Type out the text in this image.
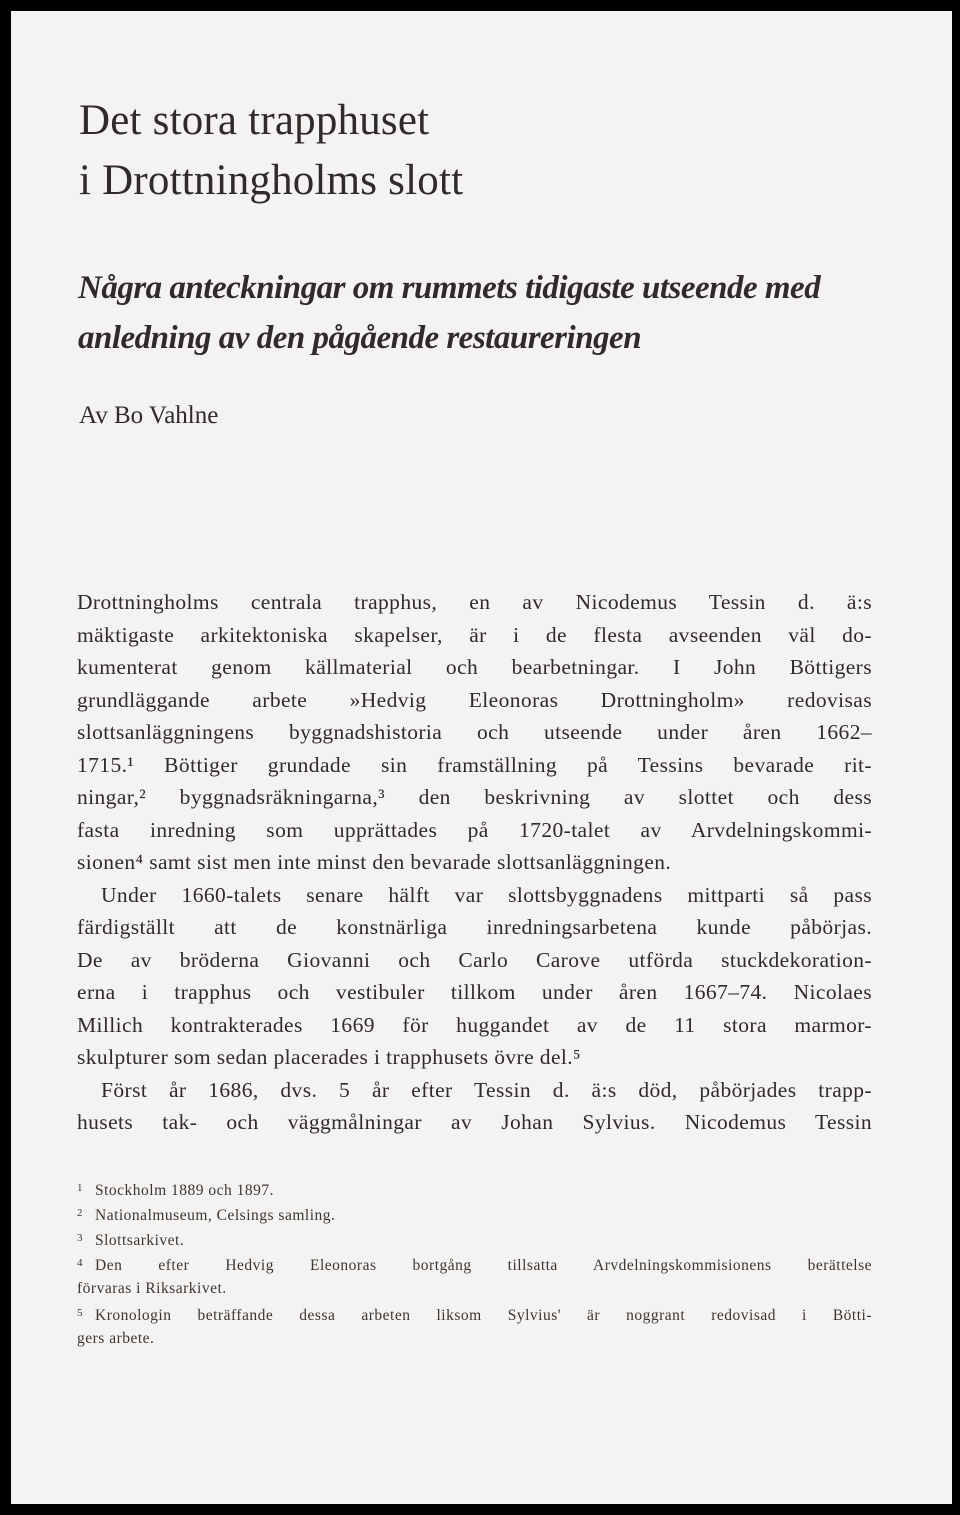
Det stora trapphuset
i Drottningholms slott
Några anteckningar om rummets tidigaste utseende med
anledning av den pågående restaureringen
Av Bo Vahlne
Drottningholms centrala trapphus, en av Nicodemus Tessin d. ä:s
mäktigaste arkitektoniska skapelser, är i de flesta avseenden väl do-
kumenterat genom källmaterial och bearbetningar. I John Böttigers
grundläggande arbete »Hedvig Eleonoras Drottningholm» redovisas
slottsanläggningens byggnadshistoria och utseende under åren 1662–
1715.¹ Böttiger grundade sin framställning på Tessins bevarade rit-
ningar,² byggnadsräkningarna,³ den beskrivning av slottet och dess
fasta inredning som upprättades på 1720-talet av Arvdelningskommi-
sionen⁴ samt sist men inte minst den bevarade slottsanläggningen.
Under 1660-talets senare hälft var slottsbyggnadens mittparti så pass
färdigställt att de konstnärliga inredningsarbetena kunde påbörjas.
De av bröderna Giovanni och Carlo Carove utförda stuckdekoration-
erna i trapphus och vestibuler tillkom under åren 1667–74. Nicolaes
Millich kontrakterades 1669 för huggandet av de 11 stora marmor-
skulpturer som sedan placerades i trapphusets övre del.⁵
Först år 1686, dvs. 5 år efter Tessin d. ä:s död, påbörjades trapp-
husets tak- och väggmålningar av Johan Sylvius. Nicodemus Tessin
1 Stockholm 1889 och 1897.
2 Nationalmuseum, Celsings samling.
3 Slottsarkivet.
4 Den efter Hedvig Eleonoras bortgång tillsatta Arvdelningskommisionens berättelse
förvaras i Riksarkivet.
5 Kronologin beträffande dessa arbeten liksom Sylvius' är noggrant redovisad i Bötti-
gers arbete.
